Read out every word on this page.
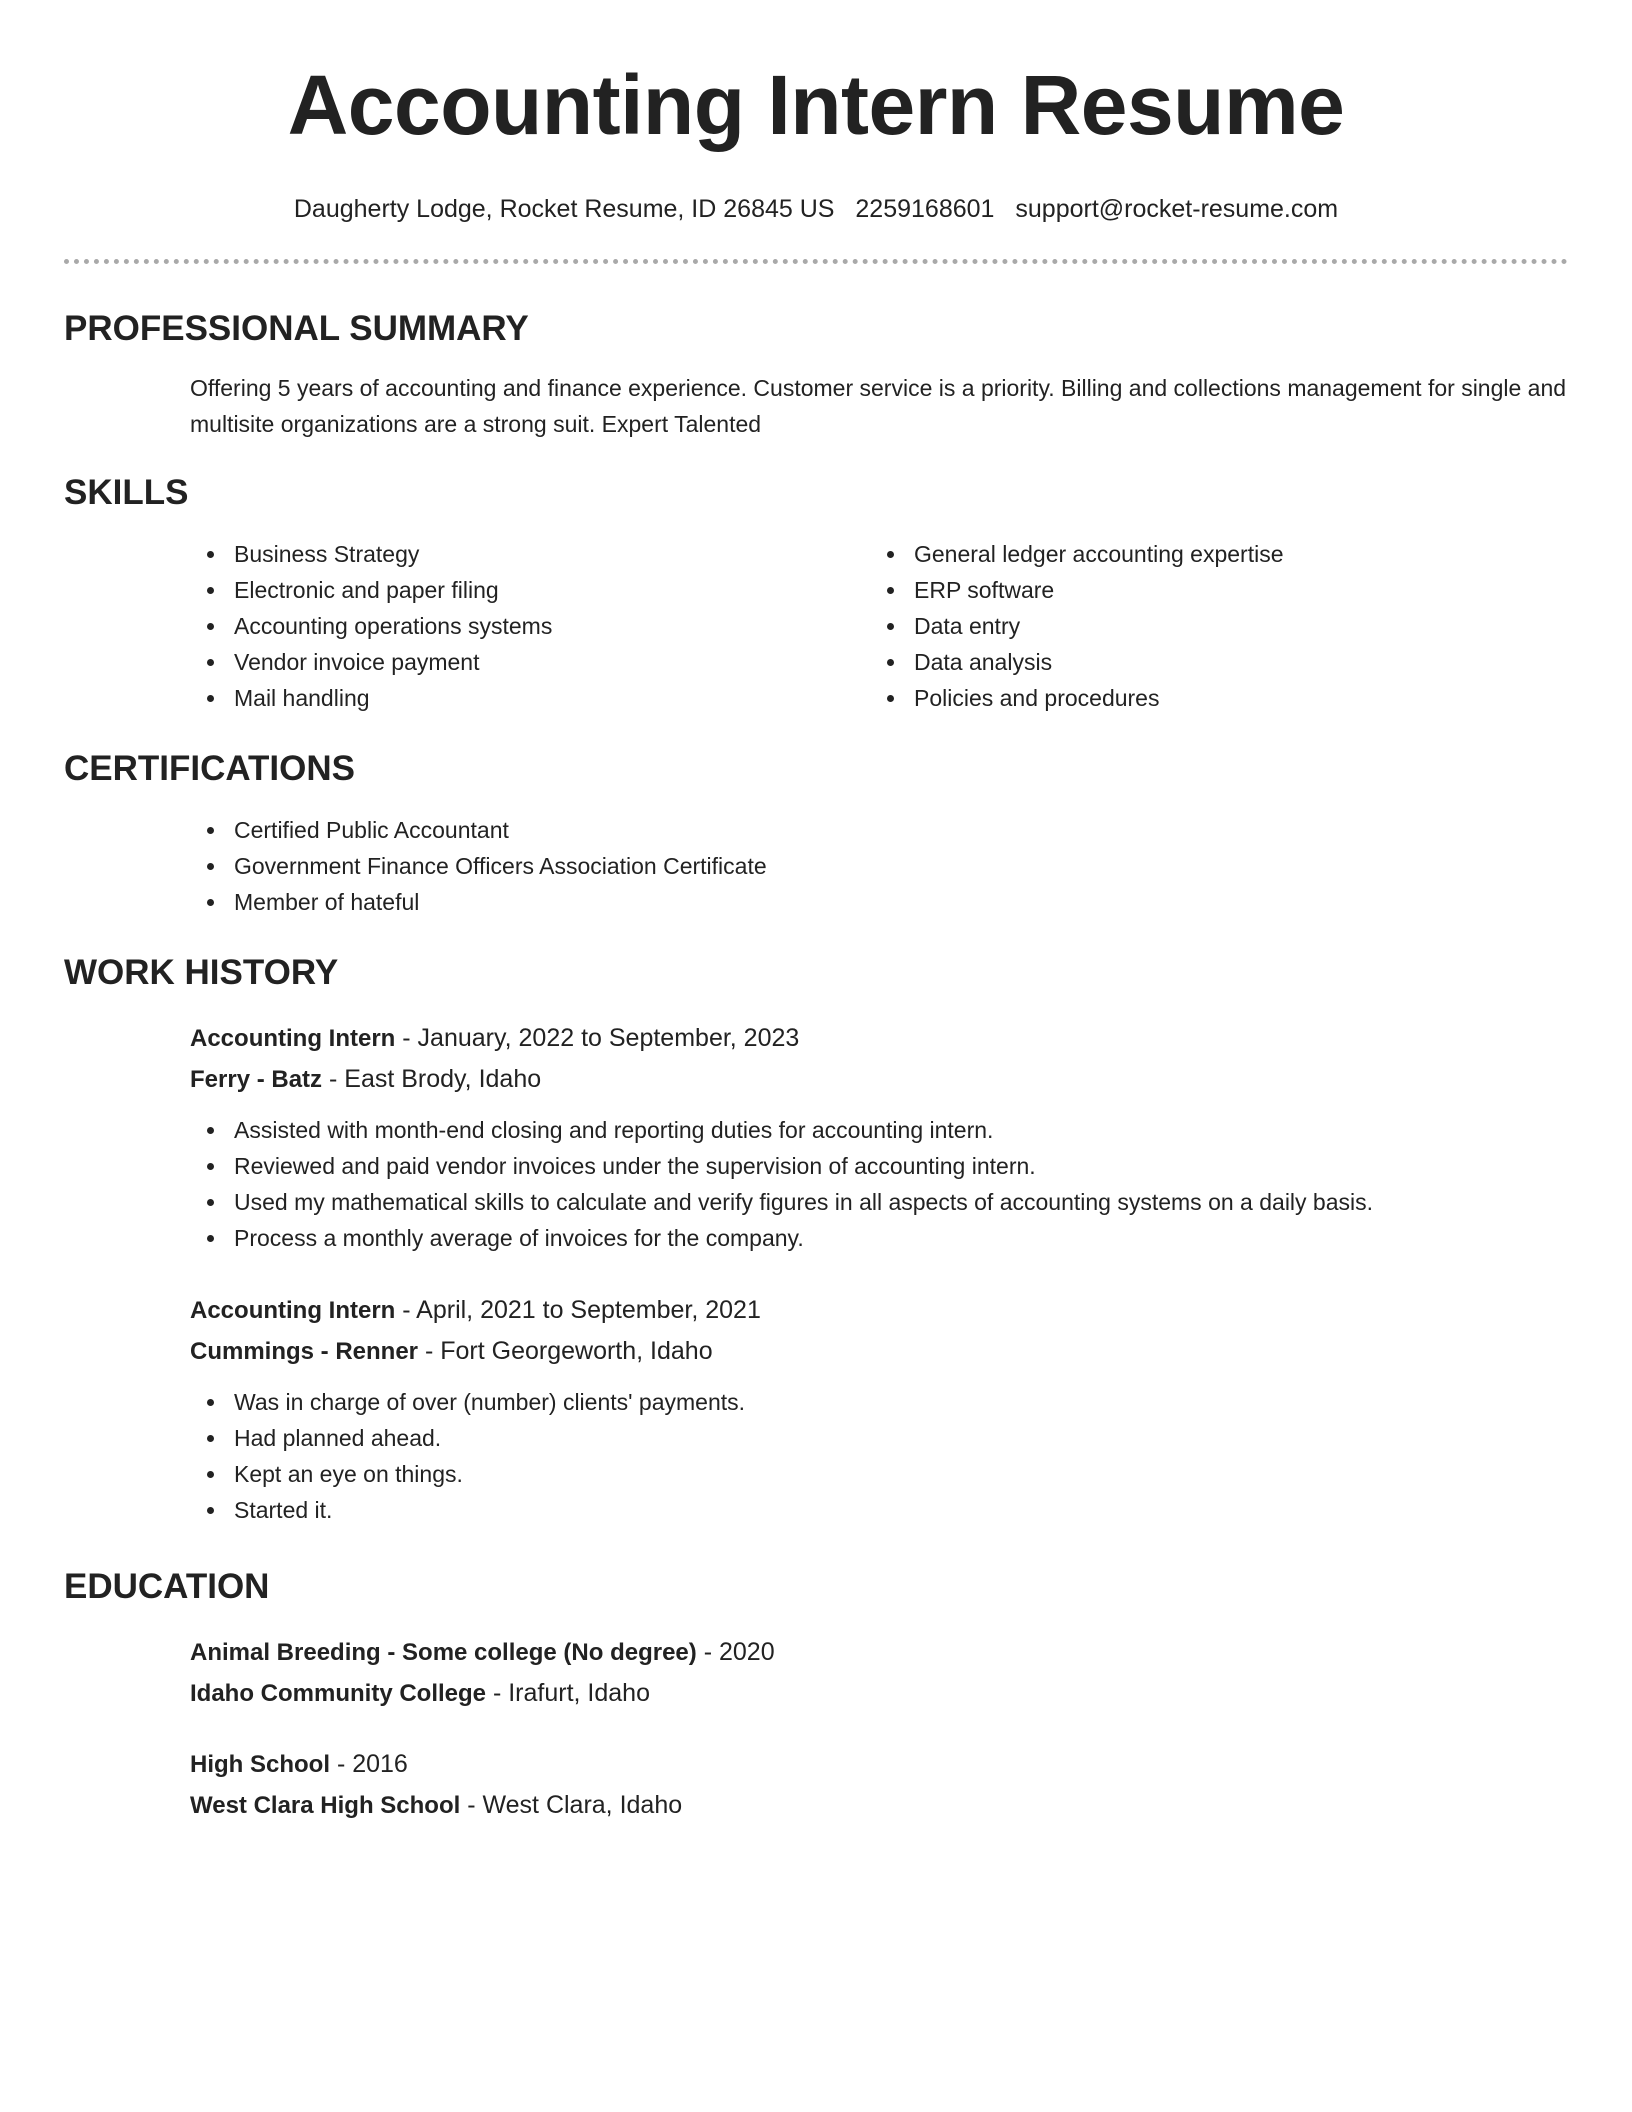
Accounting Intern Resume
Daugherty Lodge, Rocket Resume, ID 26845 US 2259168601 support@rocket-resume.com
PROFESSIONAL SUMMARY

Offering 5 years of accounting and finance experience. Customer service is a priority. Billing and collections management for single and multisite organizations are a strong suit. Expert Talented

SKILLS
Business Strategy
Electronic and paper filing
Accounting operations systems
Vendor invoice payment
Mail handling
General ledger accounting expertise
ERP software
Data entry
Data analysis
Policies and procedures
CERTIFICATIONS
Certified Public Accountant
Government Finance Officers Association Certificate
Member of hateful
WORK HISTORY
Accounting Intern - January, 2022 to September, 2023
Ferry - Batz - East Brody, Idaho
Assisted with month-end closing and reporting duties for accounting intern.
Reviewed and paid vendor invoices under the supervision of accounting intern.
Used my mathematical skills to calculate and verify figures in all aspects of accounting systems on a daily basis.
Process a monthly average of invoices for the company.
Accounting Intern - April, 2021 to September, 2021
Cummings - Renner - Fort Georgeworth, Idaho
Was in charge of over (number) clients' payments.
Had planned ahead.
Kept an eye on things.
Started it.
EDUCATION
Animal Breeding - Some college (No degree) - 2020
Idaho Community College - Irafurt, Idaho
High School - 2016
West Clara High School - West Clara, Idaho
